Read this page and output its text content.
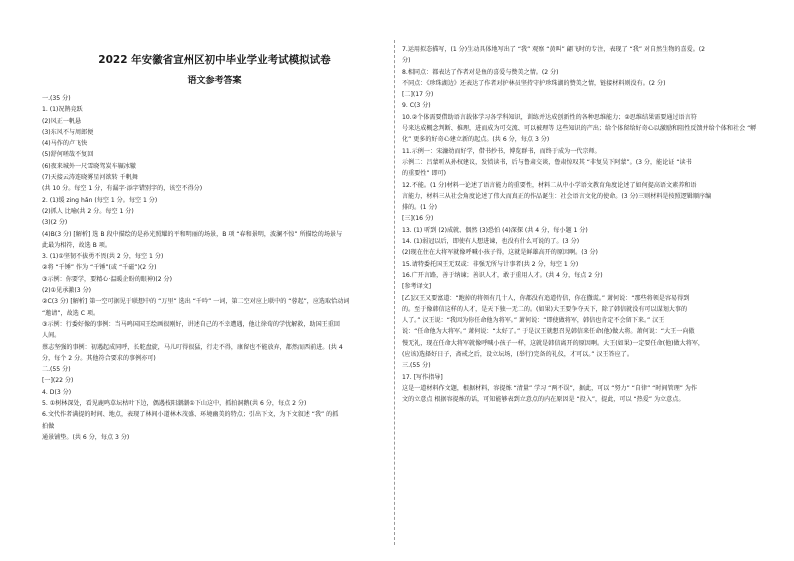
2022 年安徽省宣州区初中毕业学业考试模拟试卷
语文参考答案
一.(35 分)
1. (1)况鹊竞跃
(2)风正一帆悬
(3)东风不与周郎便
(4)马作的卢飞快
(5)舒何嗟哉不复回
(6)夜来城外一尺雪晓驾炭车辗冰辙
(7)天接云涛连晓雾星河欲转 千帆舞
(共 10 分。每空 1 分，有漏字·添字错别字的，该空不得分)
2. (1)缓 zing hǎn (每空 1 分。每空 1 分)
(2)抓人 比喻(共 2 分。每空 1 分)
(3)(2 分)
(4)B(3 分) [解析] 选 B 段中描绘的是孙光照耀的平和明丽的场景，B 项 “春和景明，波澜不惊” 所描绘的场景与
此最为相符，故选 B 项。
3. (1)①坚韧不拔勇不畏(共 2 分，每空 1 分)
②将 “千锤” 作为 “千锤”(或 “千磁”)(2 分)
③示例：你要学，要精心·温暖企盼的眼神)(2 分)
(2)①见承激(3 分)
②C(3 分) [解析] 第一空可据见于联想中的 “万里” 选出 “千吟” 一词，第二空对应上联中的 “蓉起”，应选取恰动词
“邀请”，故选 C 项。
③示例：行委好像的事例：当马鸣国国王绘画很刚好，讲述自己的不幸遭遇，他让徐荀的学忧解救，助国王重回
人间。
蔡志坚强的事例：初遇起成同呼，长舵盘旋，马儿叮得很猛，行走不得，康留也不能放弃，都然而西前进。(共 4
分，每个 2 分。其他符合要求的事例亦可)
二.(55 分)
[一](22 分)
4. D(3 分)
5. ①树林深处，看见鹿鸣草坛枯叶下边，偶遇枝阳潮潮①下山这中，抓拍洞鹅(共 6 分，每点 2 分)
6.文代作者满提的时间、地点，表现了林间小道林木茂盛、环境幽美的特点；引出下文，为下文叙述 “我” 的抓
拍做
通景铺垫。(共 6 分，每点 3 分)
7.运用拟态描写，(1 分)生动具体地写出了 “我” 观察 “黄叫” 翩飞时的专注，表现了 “我” 对自然生物的喜爱。(2
分)
8.相同点：都表达了作者对是鱼的喜爱与赞美之情。(2 分)
不同点：《珍珠湖边》还表达了作者对护林员坚持守护珍珠湖的赞美之情，链接材料则没有。(2 分)
[二](17 分)
9. C(3 分)
10.②个体需要借助语言载体学习各学科知识，训练并达成创新性的各种思维能力；②思维结果需要通过语言符
号来达成概念判断、推理，进而成为可交流、可以被理等 这些知识的产出；给个体留给好奇心以激励和阻性反馈并给个体和社会 “孵
化” 更多的好奇心建立新的起点。(共 6 分，每点 3 分)
11.示例一：宋濂幼而好学，借书抄书，博览群书，而终于成为一代宗师。
示例二：吕蒙听从孙权建议，发愤读书，后与鲁肃交谈，鲁肃惊叹其 “非复吴下阿蒙”。(3 分，能论证 “读书
的重要性” 即可)
12.不能。(1 分)材料一论述了语言能力的重要性，材料二从中小学语文教育角度论述了如何提高语文素养和语
言能力，材料三从社会角度论述了伟大而真正的作品诞生：社会语言文化的使命。(3 分)三则材料是按照逻辑顺序编
排的。(1 分)
[三](16 分)
13. (1) 听到 (2)成就、偶然 (3)恐怕 (4)深探 (共 4 分，每小题 1 分)
14. (1)弱冠以后，即使有人想进谏，也没有什么可说的了。(3 分)
(2)现在住在大将军就像呼喊小孩子得，这就是鲜雄高开的原因啊。(3 分)
15.请特委托国王无双或：非强无所与计事者(共 2 分，每空 1 分)
16.广开言路，善于纳谏；善识人才，敢于重用人才。(共 4 分，每点 2 分)
[参考译文]
[乙]汉王又要富道：“跑掉的将领有几十人，你都没有追道侍信，你在撒谎。” 萧何说：“那些将领是容易得到
的。至于像韩信这样的人才，是天下独一无二的。(如果)大王要争夺天下，除了韩信就没有可以谋划大事的
人了。” 汉王说：“我因为你任命他为将军。” 萧何说：“即使做将军，韩信也肯定不会留下来。” 汉王
说：“任命他为大将军。” 萧何说：“太好了。” 于是汉王就想召见韩信来任命(他)做大将。萧何说：“大王一向傲
慢无礼，现在任命大将军就像呼喊小孩子一样，这就是韩信离开的原因啊。大王(如果)一定要任命(他)做大将军，
(应该)选择好日子，斋戒之后，设立坛场，(举行)完备的礼仪，才可以。” 汉王答应了。
三.(55 分)
17. [写作指导]
这是一道材料作文题，根据材料，容提炼 “清量” 学习 “两不误”，据此，可以 “努力” “自律” “时间管理” 为作
文的立意点 根据容提炼的话，可知能够表到立意点的内在原因是 “投入”，提此，可以 “热爱” 为立意点。
